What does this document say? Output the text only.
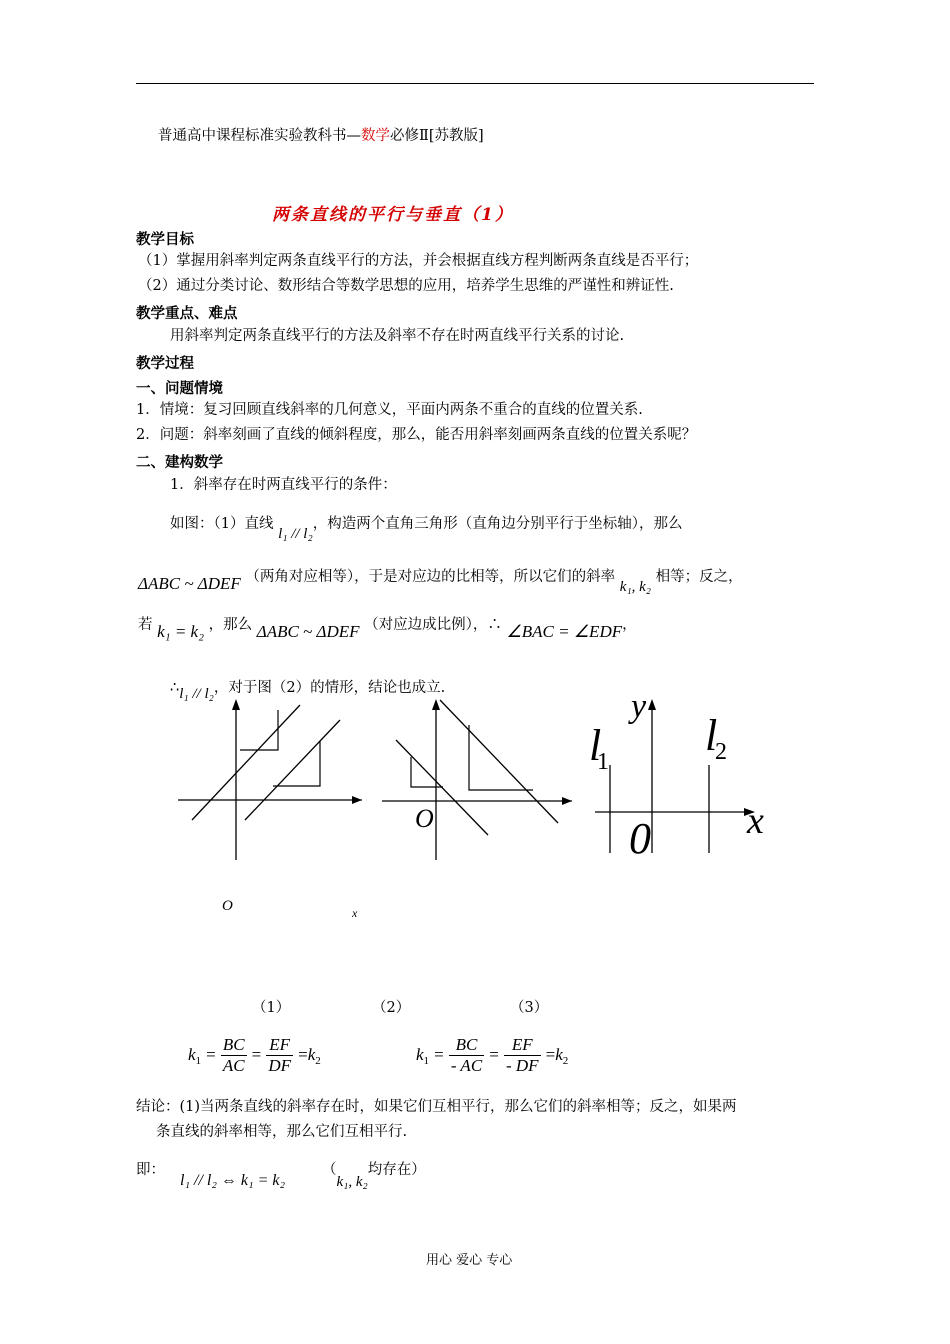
普通高中课程标准实验教科书—数学必修Ⅱ[苏教版]
两条直线的平行与垂直（1）
教学目标
（1）掌握用斜率判定两条直线平行的方法，并会根据直线方程判断两条直线是否平行；
（2）通过分类讨论、数形结合等数学思想的应用，培养学生思维的严谨性和辨证性.
教学重点、难点
用斜率判定两条直线平行的方法及斜率不存在时两直线平行关系的讨论.
教学过程
一、问题情境
1．情境：复习回顾直线斜率的几何意义，平面内两条不重合的直线的位置关系.
2．问题：斜率刻画了直线的倾斜程度，那么，能否用斜率刻画两条直线的位置关系呢？
二、建构数学
1．斜率存在时两直线平行的条件：
如图：（1）直线 l₁ // l₂，构造两个直角三角形（直角边分别平行于坐标轴），那么
ΔABC ~ ΔDEF （两角对应相等），于是对应边的比相等，所以它们的斜率 k₁, k₂ 相等；反之，
若 k₁ = k₂ ，那么 ΔABC ~ ΔDEF （对应边成比例），∴ ∠BAC = ∠EDF，
∴l₁ // l₂，对于图（2）的情形，结论也成立.
O
y
l
1
l
2
x
0
O	x
（1）	（2）	（3）
$k_1 = \frac{BC}{AC} = \frac{EF}{DF} =k_2$	$k_1 = \frac{BC}{- AC} = \frac{EF}{- DF} =k_2$
结论：(1)当两条直线的斜率存在时，如果它们互相平行，那么它们的斜率相等；反之，如果两
条直线的斜率相等，那么它们互相平行.
即：
l₁ // l₂ ⇔ k₁ = k₂
（k₁, k₂均存在）
用心 爱心 专心
